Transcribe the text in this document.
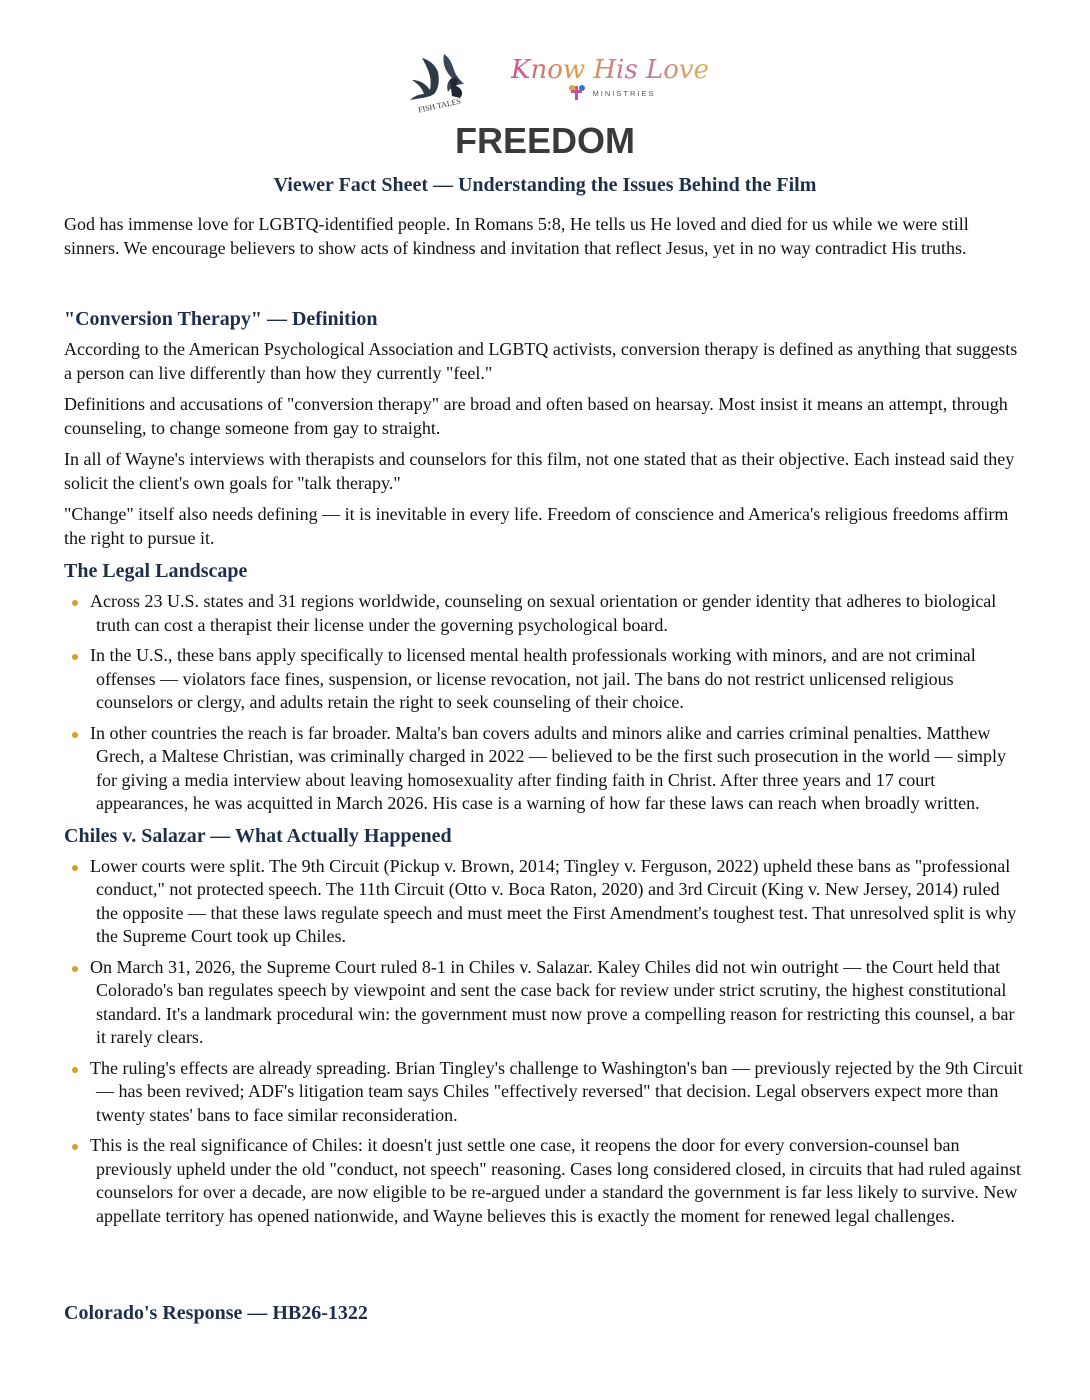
FISH TALES
Know His Love
MINISTRIES
FREEDOM
Viewer Fact Sheet — Understanding the Issues Behind the Film

God has immense love for LGBTQ-identified people. In Romans 5:8, He tells us He loved and died for us while we were still sinners. We encourage believers to show acts of kindness and invitation that reflect Jesus, yet in no way contradict His truths.

"Conversion Therapy" — Definition

According to the American Psychological Association and LGBTQ activists, conversion therapy is defined as anything that suggests a person can live differently than how they currently "feel."

Definitions and accusations of "conversion therapy" are broad and often based on hearsay. Most insist it means an attempt, through counseling, to change someone from gay to straight.

In all of Wayne's interviews with therapists and counselors for this film, not one stated that as their objective. Each instead said they solicit the client's own goals for "talk therapy."

"Change" itself also needs defining — it is inevitable in every life. Freedom of conscience and America's religious freedoms affirm the right to pursue it.

The Legal Landscape
Across 23 U.S. states and 31 regions worldwide, counseling on sexual orientation or gender identity that adheres to biological truth can cost a therapist their license under the governing psychological board.
In the U.S., these bans apply specifically to licensed mental health professionals working with minors, and are not criminal offenses — violators face fines, suspension, or license revocation, not jail. The bans do not restrict unlicensed religious counselors or clergy, and adults retain the right to seek counseling of their choice.
In other countries the reach is far broader. Malta's ban covers adults and minors alike and carries criminal penalties. Matthew Grech, a Maltese Christian, was criminally charged in 2022 — believed to be the first such prosecution in the world — simply for giving a media interview about leaving homosexuality after finding faith in Christ. After three years and 17 court appearances, he was acquitted in March 2026. His case is a warning of how far these laws can reach when broadly written.
Chiles v. Salazar — What Actually Happened
Lower courts were split. The 9th Circuit (Pickup v. Brown, 2014; Tingley v. Ferguson, 2022) upheld these bans as "professional conduct," not protected speech. The 11th Circuit (Otto v. Boca Raton, 2020) and 3rd Circuit (King v. New Jersey, 2014) ruled the opposite — that these laws regulate speech and must meet the First Amendment's toughest test. That unresolved split is why the Supreme Court took up Chiles.
On March 31, 2026, the Supreme Court ruled 8-1 in Chiles v. Salazar. Kaley Chiles did not win outright — the Court held that Colorado's ban regulates speech by viewpoint and sent the case back for review under strict scrutiny, the highest constitutional standard. It's a landmark procedural win: the government must now prove a compelling reason for restricting this counsel, a bar it rarely clears.
The ruling's effects are already spreading. Brian Tingley's challenge to Washington's ban — previously rejected by the 9th Circuit — has been revived; ADF's litigation team says Chiles "effectively reversed" that decision. Legal observers expect more than twenty states' bans to face similar reconsideration.
This is the real significance of Chiles: it doesn't just settle one case, it reopens the door for every conversion-counsel ban previously upheld under the old "conduct, not speech" reasoning. Cases long considered closed, in circuits that had ruled against counselors for over a decade, are now eligible to be re-argued under a standard the government is far less likely to survive. New appellate territory has opened nationwide, and Wayne believes this is exactly the moment for renewed legal challenges.
Colorado's Response — HB26-1322
